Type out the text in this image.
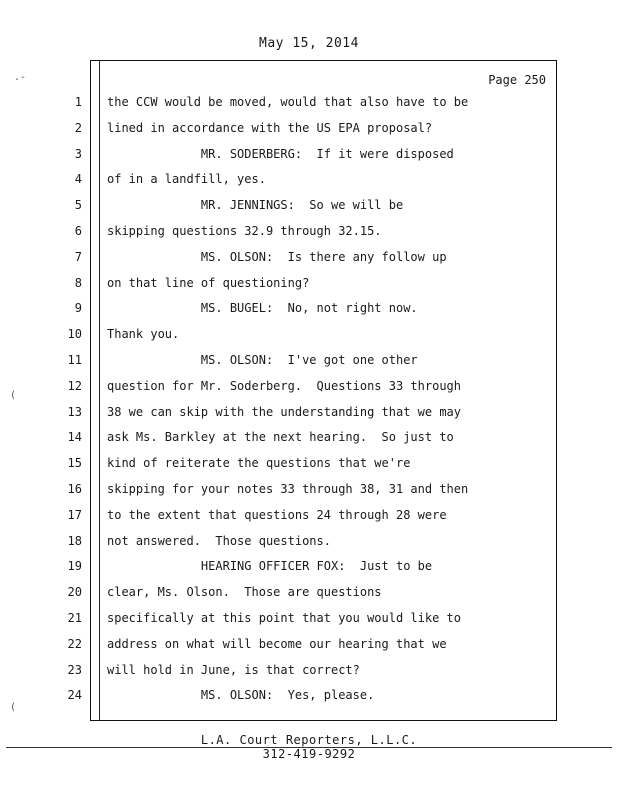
May 15, 2014
Page 250
1 the CCW would be moved, would that also have to be
2 lined in accordance with the US EPA proposal?
3 MR. SODERBERG:  If it were disposed
4 of in a landfill, yes.
5 MR. JENNINGS:  So we will be
6 skipping questions 32.9 through 32.15.
7 MS. OLSON:  Is there any follow up
8 on that line of questioning?
9 MS. BUGEL:  No, not right now.
10 Thank you.
11 MS. OLSON:  I've got one other
12 question for Mr. Soderberg.  Questions 33 through
13 38 we can skip with the understanding that we may
14 ask Ms. Barkley at the next hearing.  So just to
15 kind of reiterate the questions that we're
16 skipping for your notes 33 through 38, 31 and then
17 to the extent that questions 24 through 28 were
18 not answered.  Those questions.
19 HEARING OFFICER FOX:  Just to be
20 clear, Ms. Olson.  Those are questions
21 specifically at this point that you would like to
22 address on what will become our hearing that we
23 will hold in June, is that correct?
24 MS. OLSON:  Yes, please.
L.A. Court Reporters, L.L.C.
312-419-9292
.-
(
(
